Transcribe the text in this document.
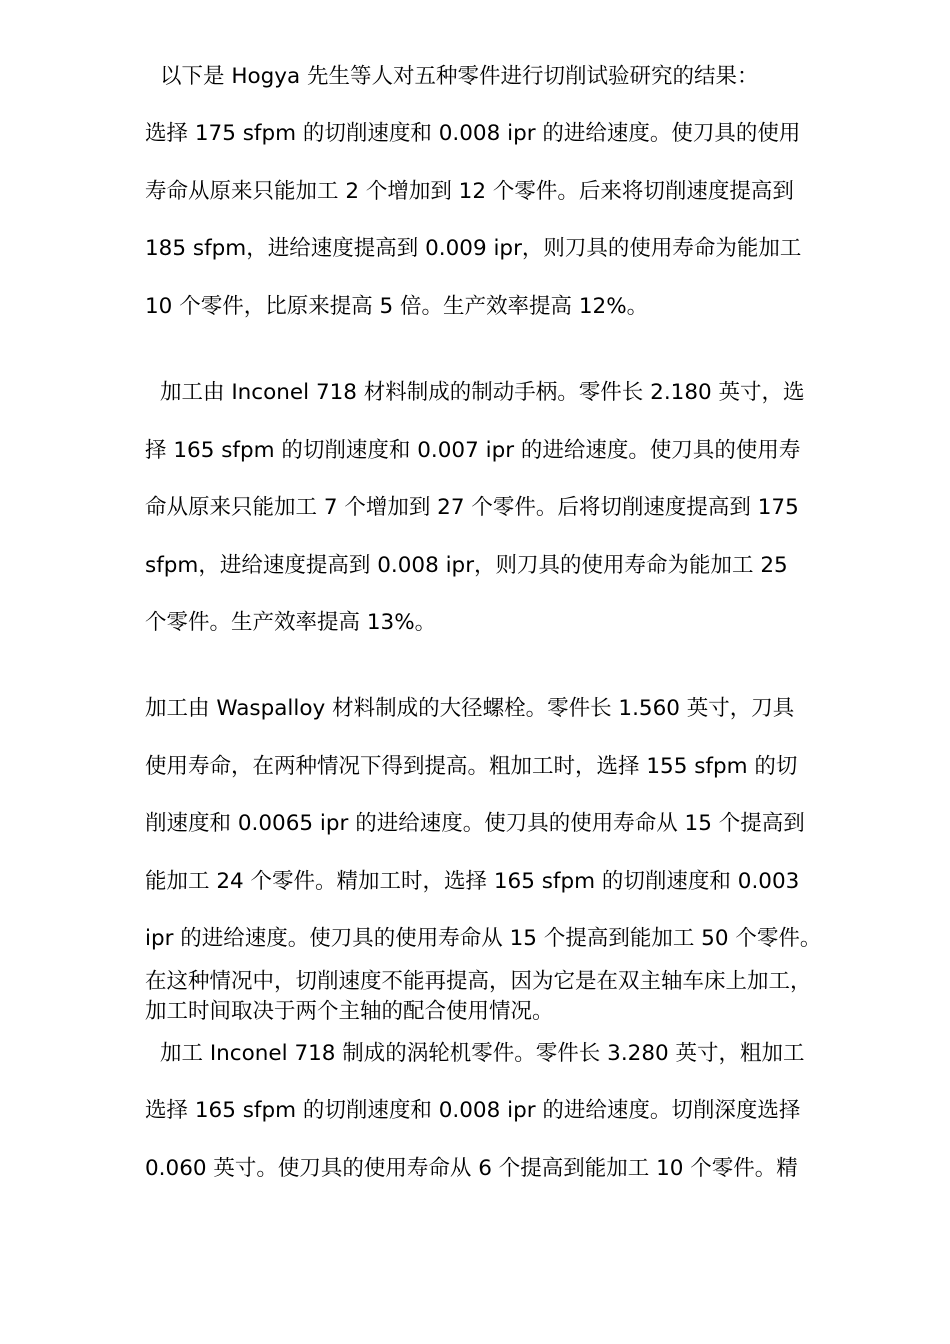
以下是 Hogya 先生等人对五种零件进行切削试验研究的结果：
选择 175 sfpm 的切削速度和 0.008 ipr 的进给速度。使刀具的使用
寿命从原来只能加工 2 个增加到 12 个零件。后来将切削速度提高到
185 sfpm，进给速度提高到 0.009 ipr，则刀具的使用寿命为能加工
10 个零件，比原来提高 5 倍。生产效率提高 12%。
加工由 Inconel 718 材料制成的制动手柄。零件长 2.180 英寸，选
择 165 sfpm 的切削速度和 0.007 ipr 的进给速度。使刀具的使用寿
命从原来只能加工 7 个增加到 27 个零件。后将切削速度提高到 175
sfpm，进给速度提高到 0.008 ipr，则刀具的使用寿命为能加工 25
个零件。生产效率提高 13%。
加工由 Waspalloy 材料制成的大径螺栓。零件长 1.560 英寸，刀具
使用寿命，在两种情况下得到提高。粗加工时，选择 155 sfpm 的切
削速度和 0.0065 ipr 的进给速度。使刀具的使用寿命从 15 个提高到
能加工 24 个零件。精加工时，选择 165 sfpm 的切削速度和 0.003
ipr 的进给速度。使刀具的使用寿命从 15 个提高到能加工 50 个零件。
在这种情况中，切削速度不能再提高，因为它是在双主轴车床上加工，
加工时间取决于两个主轴的配合使用情况。
加工 Inconel 718 制成的涡轮机零件。零件长 3.280 英寸，粗加工
选择 165 sfpm 的切削速度和 0.008 ipr 的进给速度。切削深度选择
0.060 英寸。使刀具的使用寿命从 6 个提高到能加工 10 个零件。精
